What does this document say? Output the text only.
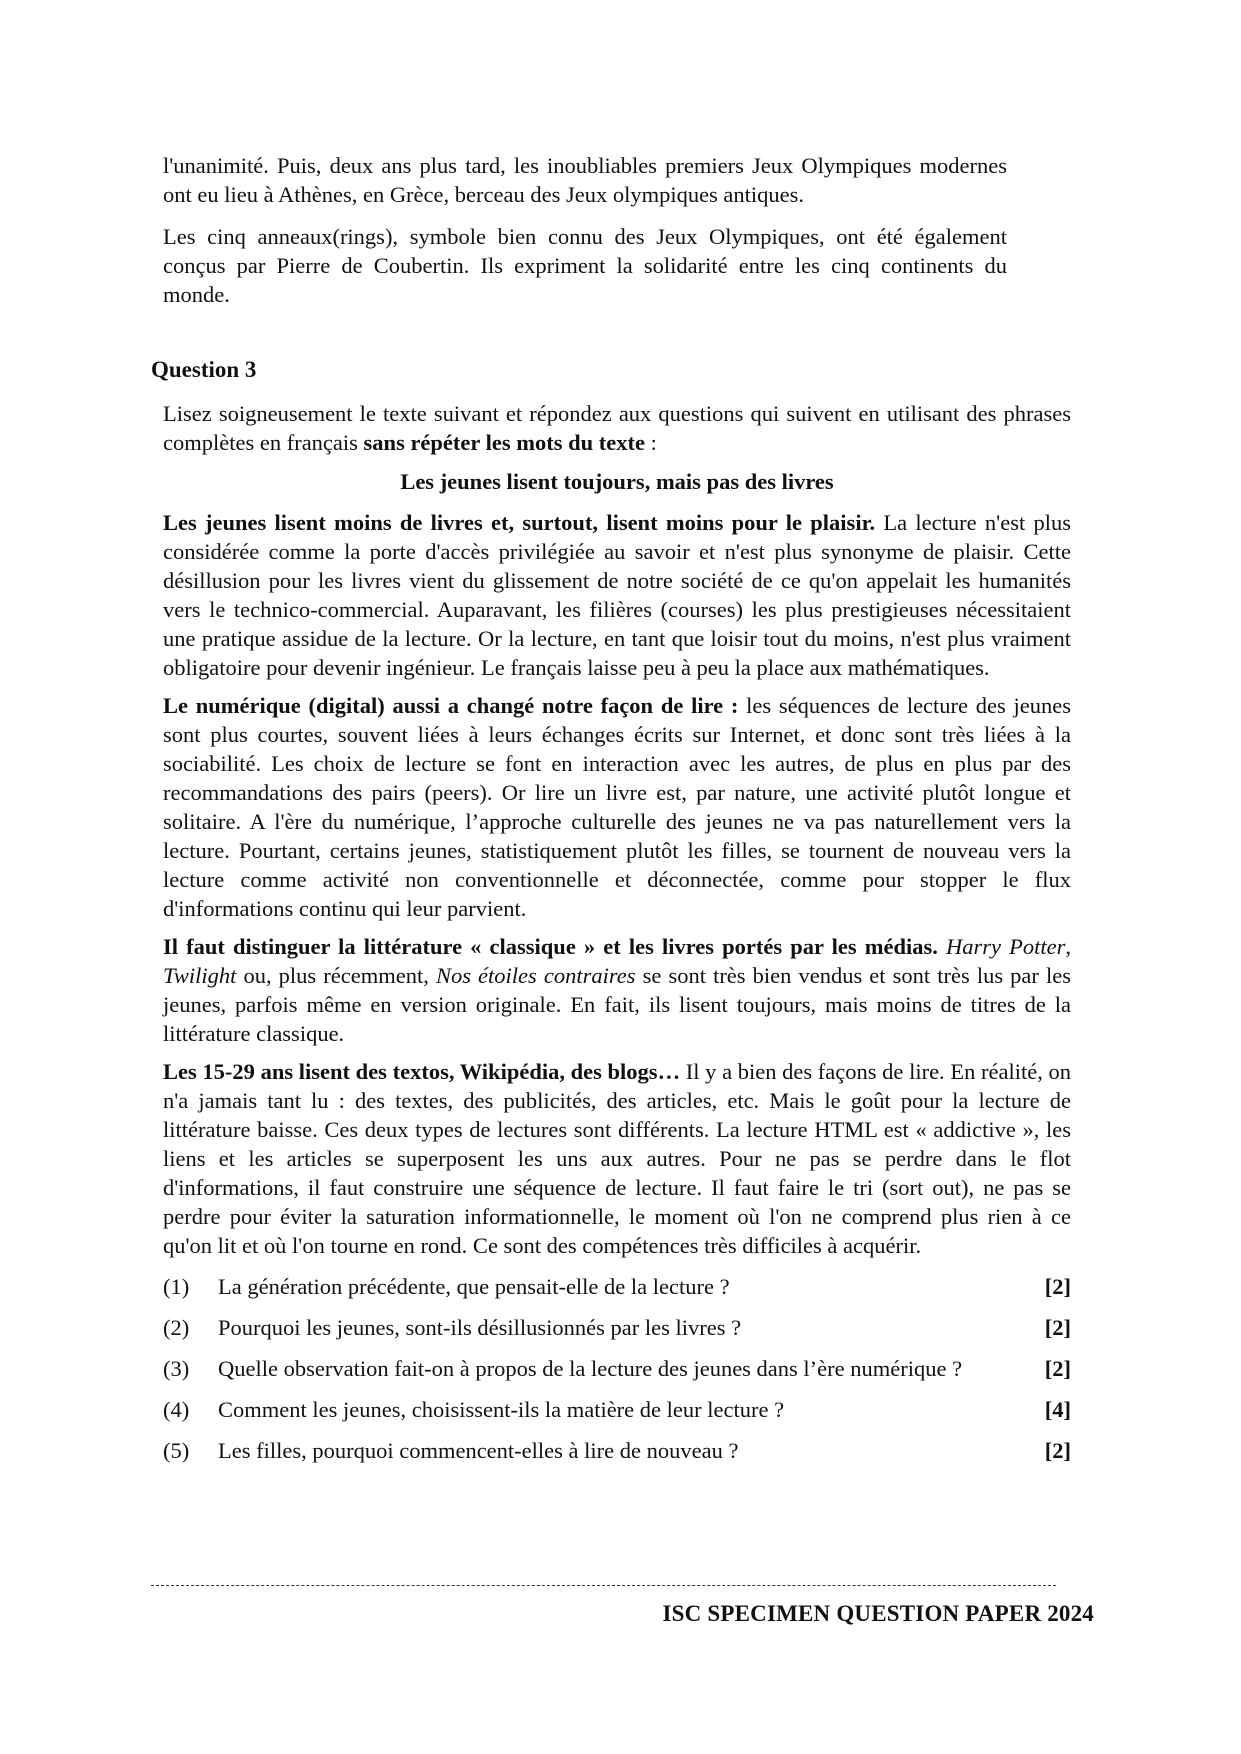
l'unanimité. Puis, deux ans plus tard, les inoubliables premiers Jeux Olympiques modernes ont eu lieu à Athènes, en Grèce, berceau des Jeux olympiques antiques.

Les cinq anneaux(rings), symbole bien connu des Jeux Olympiques, ont été également conçus par Pierre de Coubertin. Ils expriment la solidarité entre les cinq continents du monde.

Question 3

Lisez soigneusement le texte suivant et répondez aux questions qui suivent en utilisant des phrases complètes en français sans répéter les mots du texte :

Les jeunes lisent toujours, mais pas des livres

Les jeunes lisent moins de livres et, surtout, lisent moins pour le plaisir. La lecture n'est plus considérée comme la porte d'accès privilégiée au savoir et n'est plus synonyme de plaisir. Cette désillusion pour les livres vient du glissement de notre société de ce qu'on appelait les humanités vers le technico-commercial. Auparavant, les filières (courses) les plus prestigieuses nécessitaient une pratique assidue de la lecture. Or la lecture, en tant que loisir tout du moins, n'est plus vraiment obligatoire pour devenir ingénieur. Le français laisse peu à peu la place aux mathématiques.

Le numérique (digital) aussi a changé notre façon de lire : les séquences de lecture des jeunes sont plus courtes, souvent liées à leurs échanges écrits sur Internet, et donc sont très liées à la sociabilité. Les choix de lecture se font en interaction avec les autres, de plus en plus par des recommandations des pairs (peers). Or lire un livre est, par nature, une activité plutôt longue et solitaire. A l'ère du numérique, l’approche culturelle des jeunes ne va pas naturellement vers la lecture. Pourtant, certains jeunes, statistiquement plutôt les filles, se tournent de nouveau vers la lecture comme activité non conventionnelle et déconnectée, comme pour stopper le flux d'informations continu qui leur parvient.

Il faut distinguer la littérature « classique » et les livres portés par les médias. Harry Potter, Twilight ou, plus récemment, Nos étoiles contraires se sont très bien vendus et sont très lus par les jeunes, parfois même en version originale. En fait, ils lisent toujours, mais moins de titres de la littérature classique.

Les 15-29 ans lisent des textos, Wikipédia, des blogs… Il y a bien des façons de lire. En réalité, on n'a jamais tant lu : des textes, des publicités, des articles, etc. Mais le goût pour la lecture de littérature baisse. Ces deux types de lectures sont différents. La lecture HTML est « addictive », les liens et les articles se superposent les uns aux autres. Pour ne pas se perdre dans le flot d'informations, il faut construire une séquence de lecture. Il faut faire le tri (sort out), ne pas se perdre pour éviter la saturation informationnelle, le moment où l'on ne comprend plus rien à ce qu'on lit et où l'on tourne en rond. Ce sont des compétences très difficiles à acquérir.

(1)	La génération précédente, que pensait-elle de la lecture ?	[2]
(2)	Pourquoi les jeunes, sont-ils désillusionnés par les livres ?	[2]
(3)	Quelle observation fait-on à propos de la lecture des jeunes dans l’ère numérique ?	[2]
(4)	Comment les jeunes, choisissent-ils la matière de leur lecture ?	[4]
(5)	Les filles, pourquoi commencent-elles à lire de nouveau ?	[2]
ISC SPECIMEN QUESTION PAPER 2024
